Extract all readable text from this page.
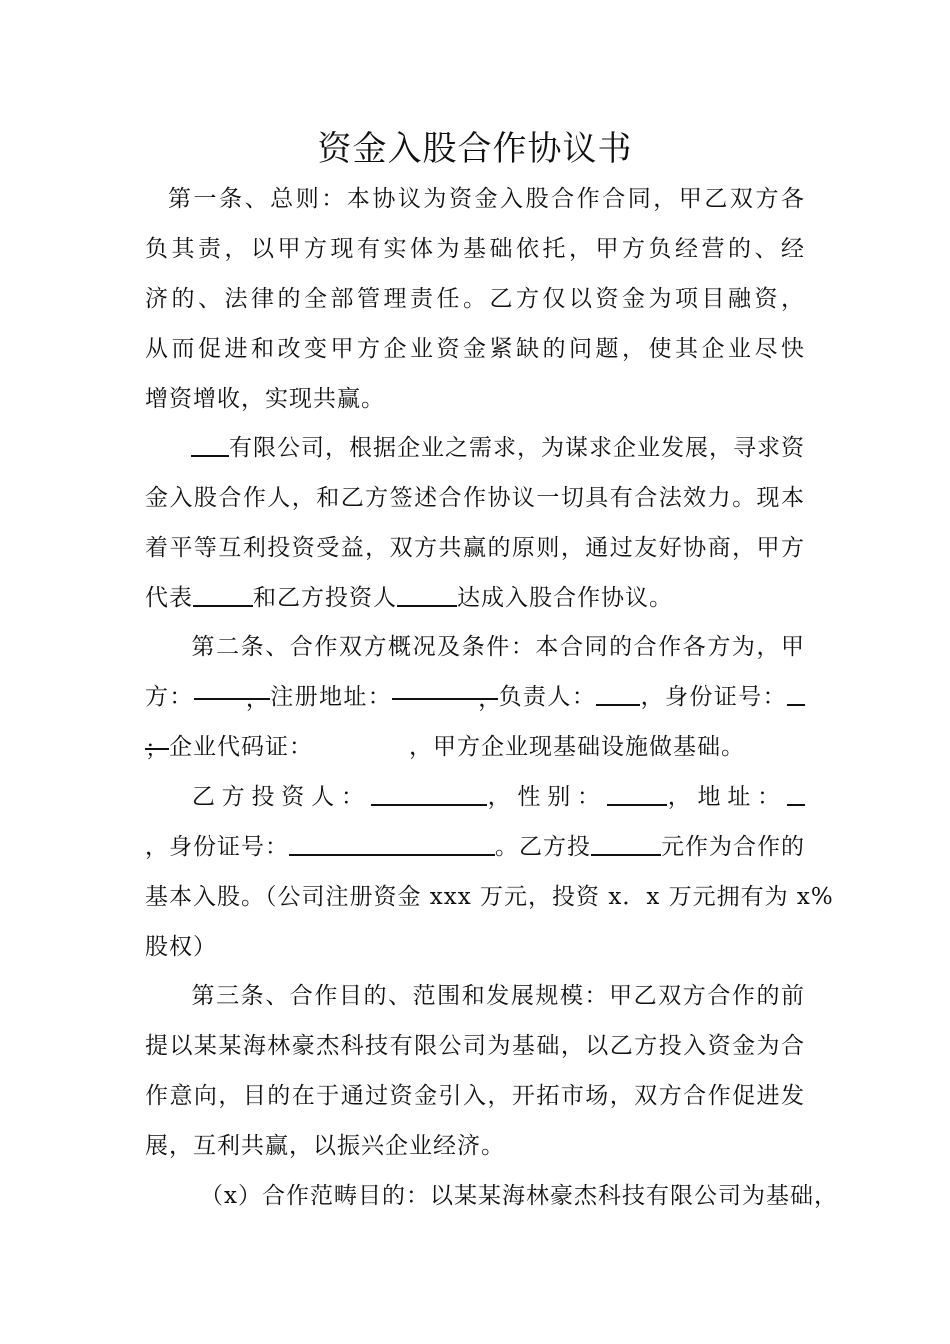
资金入股合作协议书
第一条、总则：本协议为资金入股合作合同，甲乙双方各
负其责，以甲方现有实体为基础依托，甲方负经营的、经
济的、法律的全部管理责任。乙方仅以资金为项目融资，
从而促进和改变甲方企业资金紧缺的问题，使其企业尽快
增资增收，实现共赢。
有限公司，根据企业之需求，为谋求企业发展，寻求资
金入股合作人，和乙方签述合作协议一切具有合法效力。现本
着平等互利投资受益，双方共赢的原则，通过友好协商，甲方
代表	和乙方投资人	达成入股合作协议。
第二条、合作双方概况及条件：本合同的合作各方为，甲
方： ，注册地址：	，负责人： ，身份证号：
；企业代码证：	，甲方企业现基础设施做基础。
乙方投资人：	，性别：	，地址：
，身份证号：	。乙方投	元作为合作的
基本入股。（公司注册资金 xxx 万元，投资 x．x 万元拥有为 x%
股权）
第三条、合作目的、范围和发展规模：甲乙双方合作的前
提以某某海林豪杰科技有限公司为基础，以乙方投入资金为合
作意向，目的在于通过资金引入，开拓市场，双方合作促进发
展，互利共赢，以振兴企业经济。
（x）合作范畴目的：以某某海林豪杰科技有限公司为基础，
